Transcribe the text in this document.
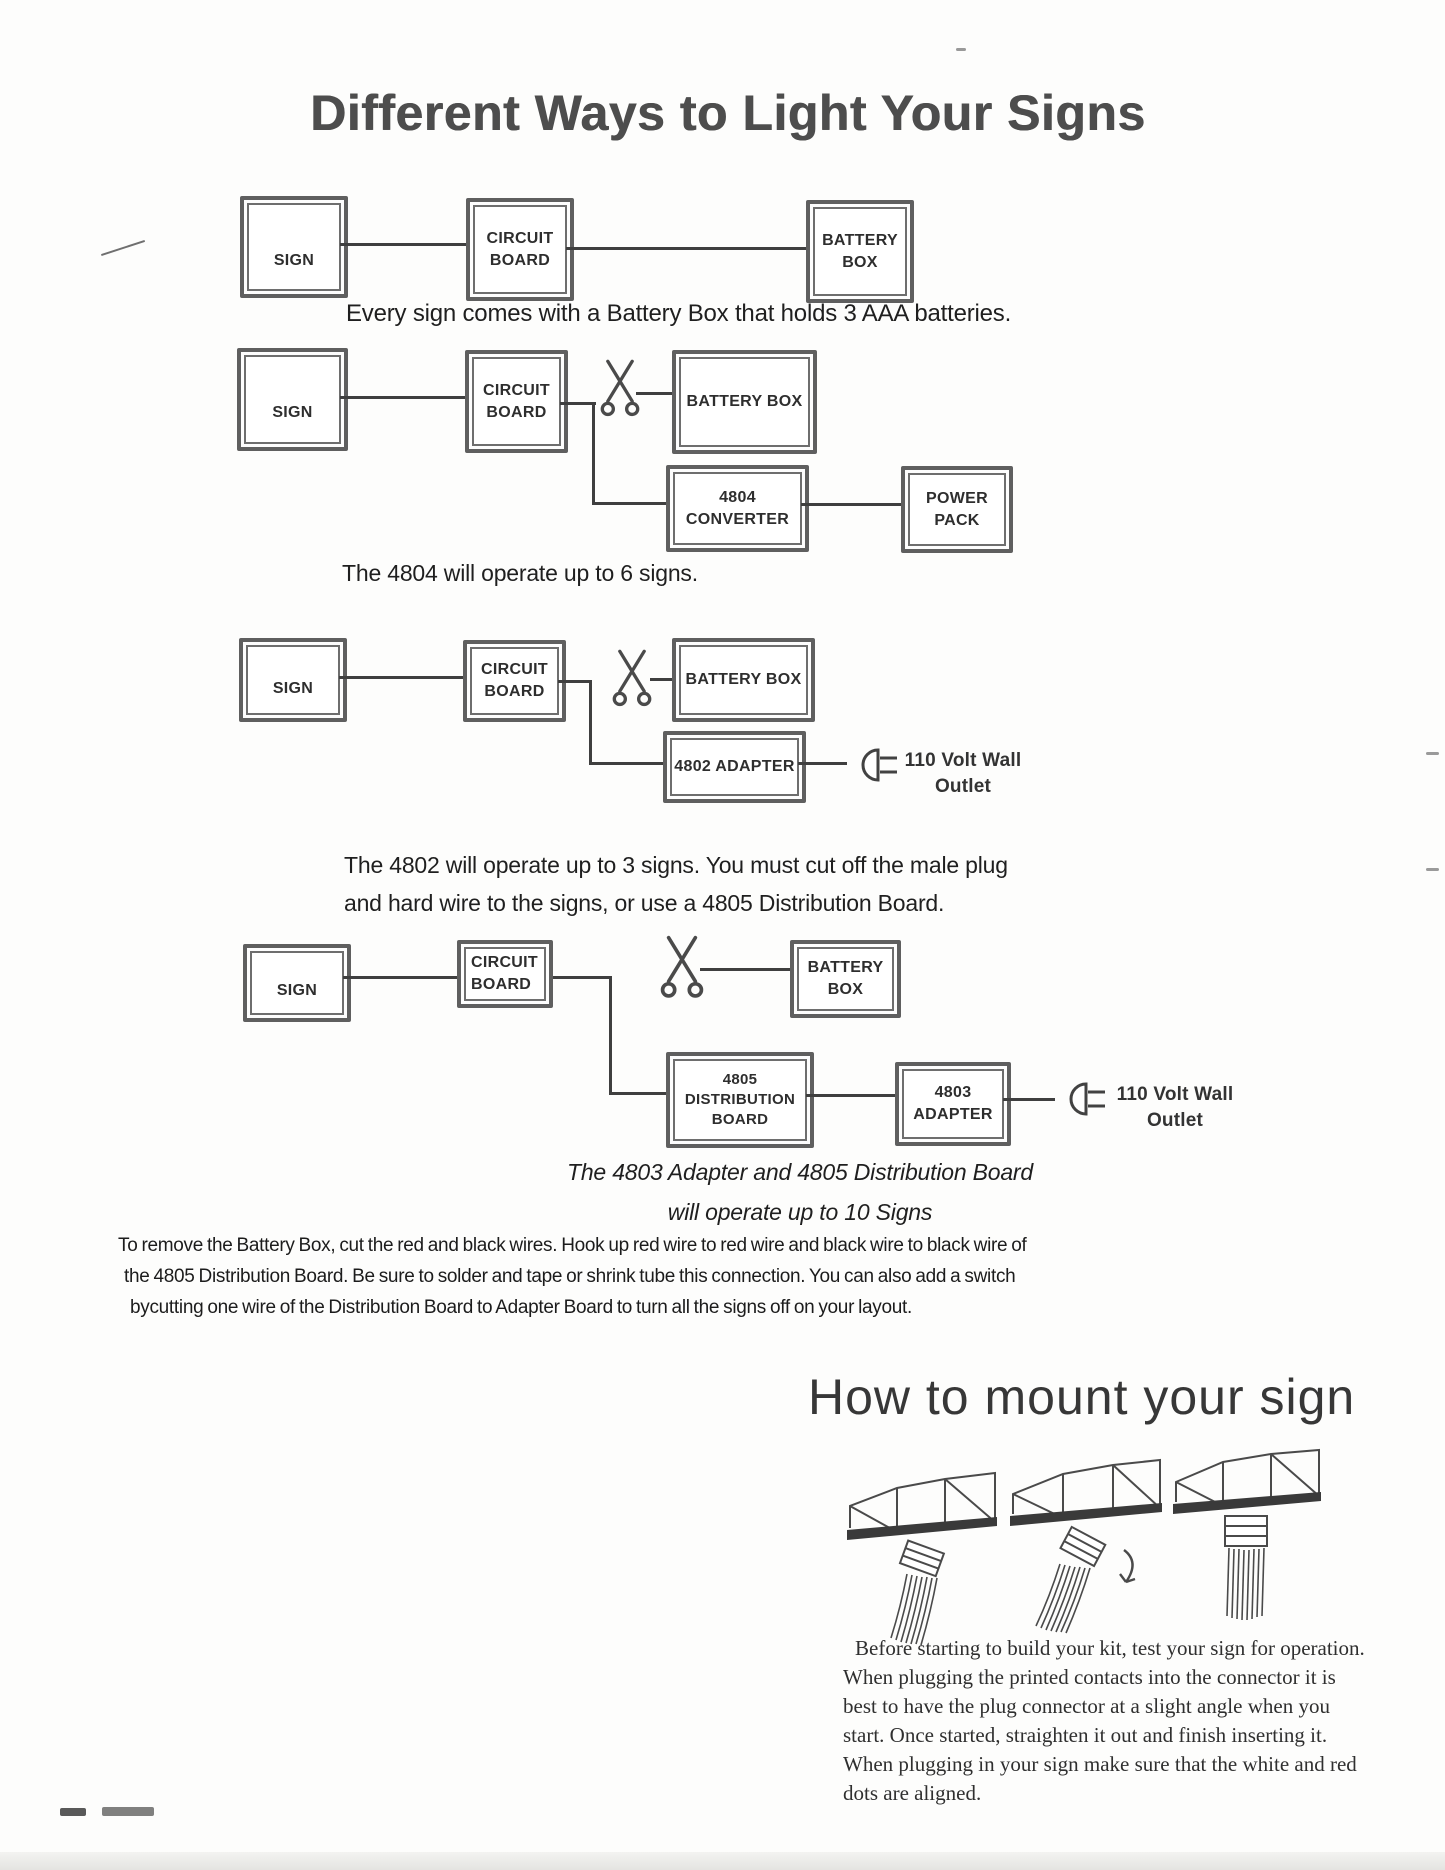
Different Ways to Light Your Signs
SIGN
CIRCUIT
BOARD
BATTERY
BOX
Every sign comes with a Battery Box that holds 3 AAA batteries.
SIGN
CIRCUIT
BOARD
BATTERY BOX
4804
CONVERTER
POWER
PACK
The 4804 will operate up to 6 signs.
SIGN
CIRCUIT
BOARD
BATTERY BOX
4802 ADAPTER	110 Volt Wall
Outlet
The 4802 will operate up to 3 signs. You must cut off the male plug
and hard wire to the signs, or use a 4805 Distribution Board.
SIGN
CIRCUIT
BOARD
BATTERY
BOX
4805
DISTRIBUTION
BOARD
4803
ADAPTER
110 Volt Wall
Outlet
The 4803 Adapter and 4805 Distribution Board
will operate up to 10 Signs
To remove the Battery Box, cut the red and black wires. Hook up red wire to red wire and black wire to black wire of
the 4805 Distribution Board. Be sure to solder and tape or shrink tube this connection. You can also add a switch
bycutting one wire of the Distribution Board to Adapter Board to turn all the signs off on your layout.
How to mount your sign
Before starting to build your kit, test your sign for operation.
When plugging the printed contacts into the connector it is
best to have the plug connector at a slight angle when you
start. Once started, straighten it out and finish inserting it.
When plugging in your sign make sure that the white and red
dots are aligned.
